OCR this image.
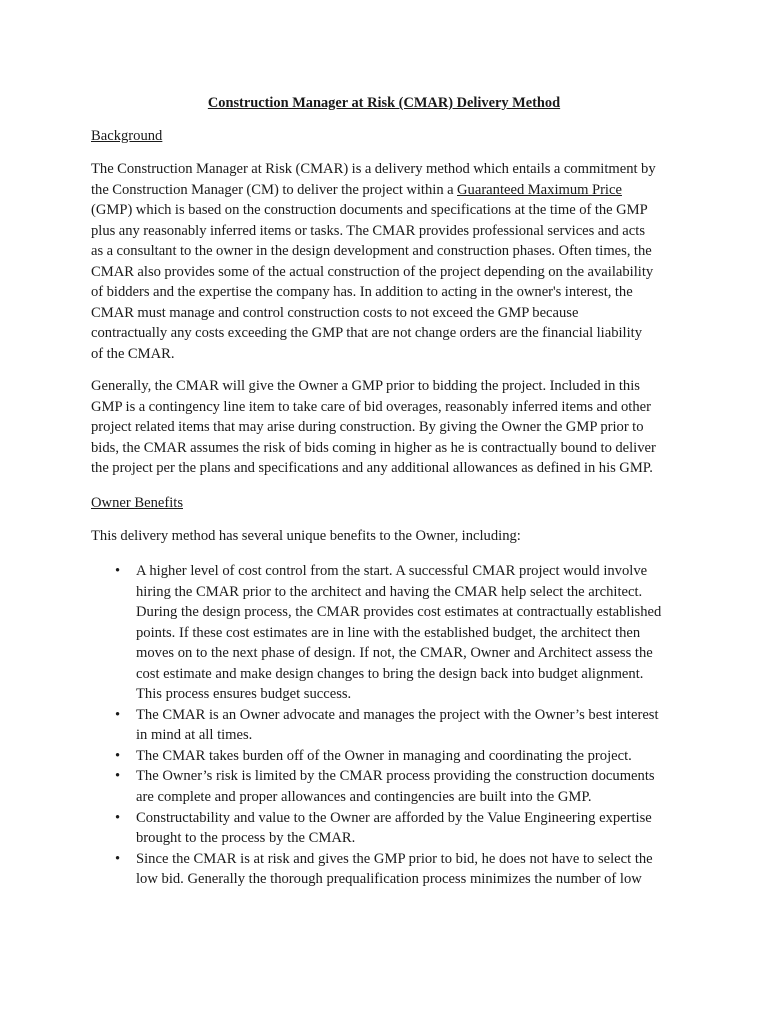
Construction Manager at Risk (CMAR) Delivery Method
Background

The Construction Manager at Risk (CMAR) is a delivery method which entails a commitment by
the Construction Manager (CM) to deliver the project within a Guaranteed Maximum Price
(GMP) which is based on the construction documents and specifications at the time of the GMP
plus any reasonably inferred items or tasks. The CMAR provides professional services and acts
as a consultant to the owner in the design development and construction phases. Often times, the
CMAR also provides some of the actual construction of the project depending on the availability
of bidders and the expertise the company has. In addition to acting in the owner's interest, the
CMAR must manage and control construction costs to not exceed the GMP because
contractually any costs exceeding the GMP that are not change orders are the financial liability
of the CMAR.

Generally, the CMAR will give the Owner a GMP prior to bidding the project. Included in this
GMP is a contingency line item to take care of bid overages, reasonably inferred items and other
project related items that may arise during construction. By giving the Owner the GMP prior to
bids, the CMAR assumes the risk of bids coming in higher as he is contractually bound to deliver
the project per the plans and specifications and any additional allowances as defined in his GMP.

Owner Benefits

This delivery method has several unique benefits to the Owner, including:

• A higher level of cost control from the start. A successful CMAR project would involve
hiring the CMAR prior to the architect and having the CMAR help select the architect.
During the design process, the CMAR provides cost estimates at contractually established
points. If these cost estimates are in line with the established budget, the architect then
moves on to the next phase of design. If not, the CMAR, Owner and Architect assess the
cost estimate and make design changes to bring the design back into budget alignment.
This process ensures budget success.
• The CMAR is an Owner advocate and manages the project with the Owner’s best interest
in mind at all times.
• The CMAR takes burden off of the Owner in managing and coordinating the project.
• The Owner’s risk is limited by the CMAR process providing the construction documents
are complete and proper allowances and contingencies are built into the GMP.
• Constructability and value to the Owner are afforded by the Value Engineering expertise
brought to the process by the CMAR.
• Since the CMAR is at risk and gives the GMP prior to bid, he does not have to select the
low bid. Generally the thorough prequalification process minimizes the number of low
